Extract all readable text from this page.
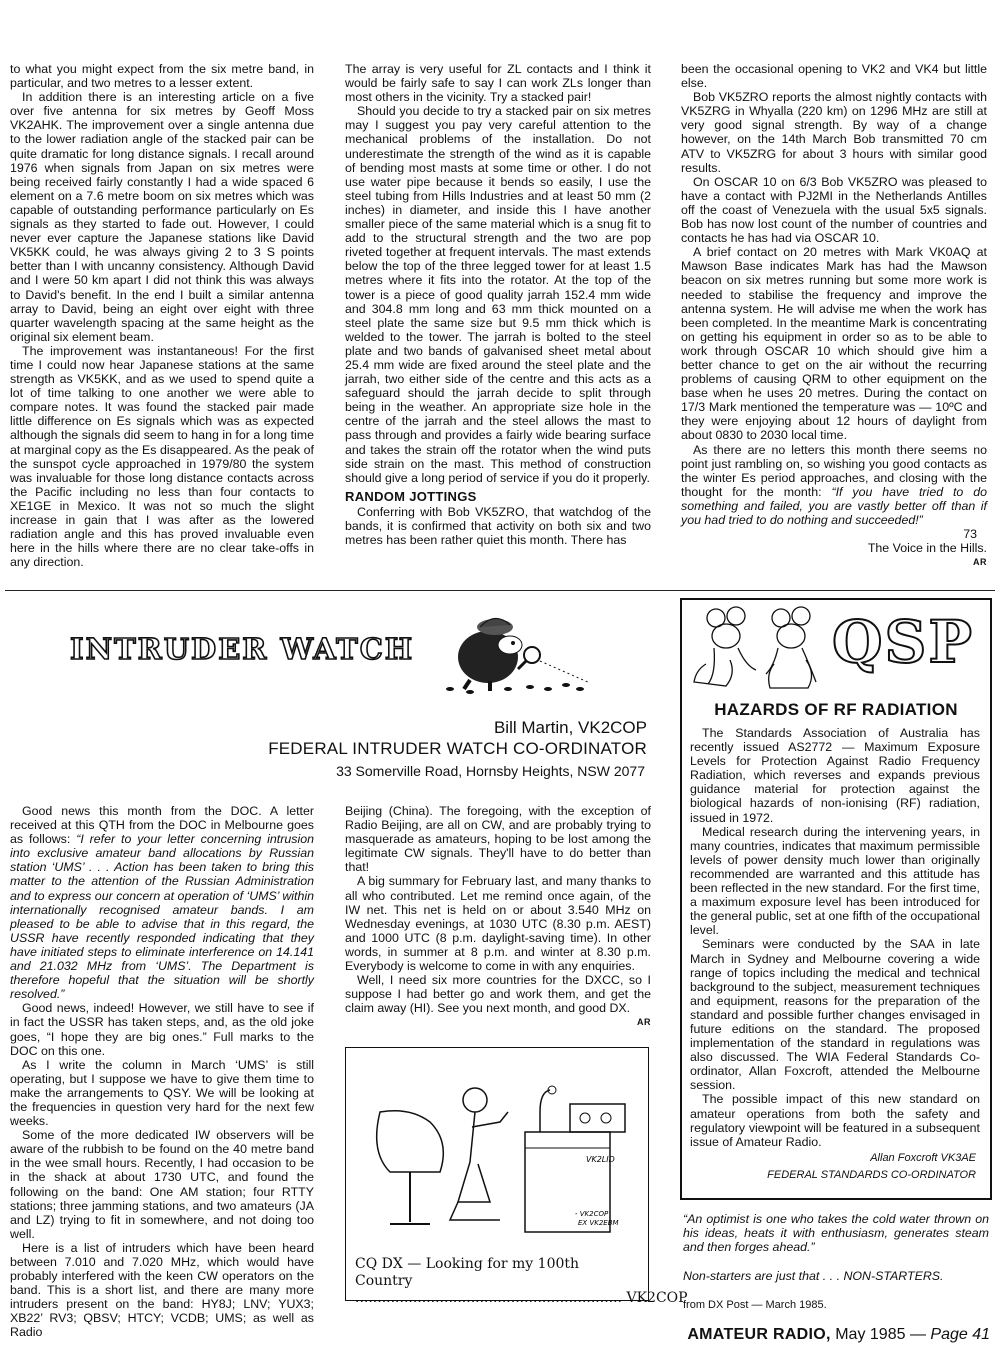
to what you might expect from the six metre band, in particular, and two metres to a lesser extent.

In addition there is an interesting article on a five over five antenna for six metres by Geoff Moss VK2AHK. The improvement over a single antenna due to the lower radiation angle of the stacked pair can be quite dramatic for long distance signals. I recall around 1976 when signals from Japan on six metres were being received fairly constantly I had a wide spaced 6 element on a 7.6 metre boom on six metres which was capable of outstanding performance particularly on Es signals as they started to fade out. However, I could never ever capture the Japanese stations like David VK5KK could, he was always giving 2 to 3 S points better than I with uncanny consistency. Although David and I were 50 km apart I did not think this was always to David's benefit. In the end I built a similar antenna array to David, being an eight over eight with three quarter wavelength spacing at the same height as the original six element beam.

The improvement was instantaneous! For the first time I could now hear Japanese stations at the same strength as VK5KK, and as we used to spend quite a lot of time talking to one another we were able to compare notes. It was found the stacked pair made little difference on Es signals which was as expected although the signals did seem to hang in for a long time at marginal copy as the Es disappeared. As the peak of the sunspot cycle approached in 1979/80 the system was invaluable for those long distance contacts across the Pacific including no less than four contacts to XE1GE in Mexico. It was not so much the slight increase in gain that I was after as the lowered radiation angle and this has proved invaluable even here in the hills where there are no clear take-offs in any direction.

The array is very useful for ZL contacts and I think it would be fairly safe to say I can work ZLs longer than most others in the vicinity. Try a stacked pair!

Should you decide to try a stacked pair on six metres may I suggest you pay very careful attention to the mechanical problems of the installation. Do not underestimate the strength of the wind as it is capable of bending most masts at some time or other. I do not use water pipe because it bends so easily, I use the steel tubing from Hills Industries and at least 50 mm (2 inches) in diameter, and inside this I have another smaller piece of the same material which is a snug fit to add to the structural strength and the two are pop riveted together at frequent intervals. The mast extends below the top of the three legged tower for at least 1.5 metres where it fits into the rotator. At the top of the tower is a piece of good quality jarrah 152.4 mm wide and 304.8 mm long and 63 mm thick mounted on a steel plate the same size but 9.5 mm thick which is welded to the tower. The jarrah is bolted to the steel plate and two bands of galvanised sheet metal about 25.4 mm wide are fixed around the steel plate and the jarrah, two either side of the centre and this acts as a safeguard should the jarrah decide to split through being in the weather. An appropriate size hole in the centre of the jarrah and the steel allows the mast to pass through and provides a fairly wide bearing surface and takes the strain off the rotator when the wind puts side strain on the mast. This method of construction should give a long period of service if you do it properly.

RANDOM JOTTINGS

Conferring with Bob VK5ZRO, that watchdog of the bands, it is confirmed that activity on both six and two metres has been rather quiet this month. There has

been the occasional opening to VK2 and VK4 but little else.

Bob VK5ZRO reports the almost nightly contacts with VK5ZRG in Whyalla (220 km) on 1296 MHz are still at very good signal strength. By way of a change however, on the 14th March Bob transmitted 70 cm ATV to VK5ZRG for about 3 hours with similar good results.

On OSCAR 10 on 6/3 Bob VK5ZRO was pleased to have a contact with PJ2MI in the Netherlands Antilles off the coast of Venezuela with the usual 5x5 signals. Bob has now lost count of the number of countries and contacts he has had via OSCAR 10.

A brief contact on 20 metres with Mark VK0AQ at Mawson Base indicates Mark has had the Mawson beacon on six metres running but some more work is needed to stabilise the frequency and improve the antenna system. He will advise me when the work has been completed. In the meantime Mark is concentrating on getting his equipment in order so as to be able to work through OSCAR 10 which should give him a better chance to get on the air without the recurring problems of causing QRM to other equipment on the base when he uses 20 metres. During the contact on 17/3 Mark mentioned the temperature was — 10ºC and they were enjoying about 12 hours of daylight from about 0830 to 2030 local time.

As there are no letters this month there seems no point just rambling on, so wishing you good contacts as the winter Es period approaches, and closing with the thought for the month: “If you have tried to do something and failed, you are vastly better off than if you had tried to do nothing and succeeded!”

73
The Voice in the Hills.
AR
INTRUDER WATCH
Bill Martin, VK2COP
FEDERAL INTRUDER WATCH CO-ORDINATOR
33 Somerville Road, Hornsby Heights, NSW 2077

Good news this month from the DOC. A letter received at this QTH from the DOC in Melbourne goes as follows: “I refer to your letter concerning intrusion into exclusive amateur band allocations by Russian station ‘UMS’ . . . Action has been taken to bring this matter to the attention of the Russian Administration and to express our concern at operation of ‘UMS’ within internationally recognised amateur bands. I am pleased to be able to advise that in this regard, the USSR have recently responded indicating that they have initiated steps to eliminate interference on 14.141 and 21.032 MHz from ‘UMS’. The Department is therefore hopeful that the situation will be shortly resolved.”

Good news, indeed! However, we still have to see if in fact the USSR has taken steps, and, as the old joke goes, “I hope they are big ones.” Full marks to the DOC on this one.

As I write the column in March ‘UMS’ is still operating, but I suppose we have to give them time to make the arrangements to QSY. We will be looking at the frequencies in question very hard for the next few weeks.

Some of the more dedicated IW observers will be aware of the rubbish to be found on the 40 metre band in the wee small hours. Recently, I had occasion to be in the shack at about 1730 UTC, and found the following on the band: One AM station; four RTTY stations; three jamming stations, and two amateurs (JA and LZ) trying to fit in somewhere, and not doing too well.

Here is a list of intruders which have been heard between 7.010 and 7.020 MHz, which would have probably interfered with the keen CW operators on the band. This is a short list, and there are many more intruders present on the band: HY8J; LNV; YUX3; XB22’ RV3; QBSV; HTCY; VCDB; UMS; as well as Radio

Beijing (China). The foregoing, with the exception of Radio Beijing, are all on CW, and are probably trying to masquerade as amateurs, hoping to be lost among the legitimate CW signals. They'll have to do better than that!

A big summary for February last, and many thanks to all who contributed. Let me remind once again, of the IW net. This net is held on or about 3.540 MHz on Wednesday evenings, at 1030 UTC (8.30 p.m. AEST) and 1000 UTC (8 p.m. daylight-saving time). In other words, in summer at 8 p.m. and winter at 8.30 p.m. Everybody is welcome to come in with any enquiries.

Well, I need six more countries for the DXCC, so I suppose I had better go and work them, and get the claim away (HI). See you next month, and good DX.

AR
VK2LID
- VK2COP
EX VK2EBM
CQ DX — Looking for my 100th Country
............................................................ VK2COP
QSP
HAZARDS OF RF RADIATION

The Standards Association of Australia has recently issued AS2772 — Maximum Exposure Levels for Protection Against Radio Frequency Radiation, which reverses and expands previous guidance material for protection against the biological hazards of non-ionising (RF) radiation, issued in 1972.

Medical research during the intervening years, in many countries, indicates that maximum permissible levels of power density much lower than originally recommended are warranted and this attitude has been reflected in the new standard. For the first time, a maximum exposure level has been introduced for the general public, set at one fifth of the occupational level.

Seminars were conducted by the SAA in late March in Sydney and Melbourne covering a wide range of topics including the medical and technical background to the subject, measurement techniques and equipment, reasons for the preparation of the standard and possible further changes envisaged in future editions on the standard. The proposed implementation of the standard in regulations was also discussed. The WIA Federal Standards Co-ordinator, Allan Foxcroft, attended the Melbourne session.

The possible impact of this new standard on amateur operations from both the safety and regulatory viewpoint will be featured in a subsequent issue of Amateur Radio.

Allan Foxcroft VK3AE
FEDERAL STANDARDS CO-ORDINATOR
“An optimist is one who takes the cold water thrown on his ideas, heats it with enthusiasm, generates steam and then forges ahead.”
Non-starters are just that . . . NON-STARTERS.
from DX Post — March 1985.
AMATEUR RADIO, May 1985 — Page 41
